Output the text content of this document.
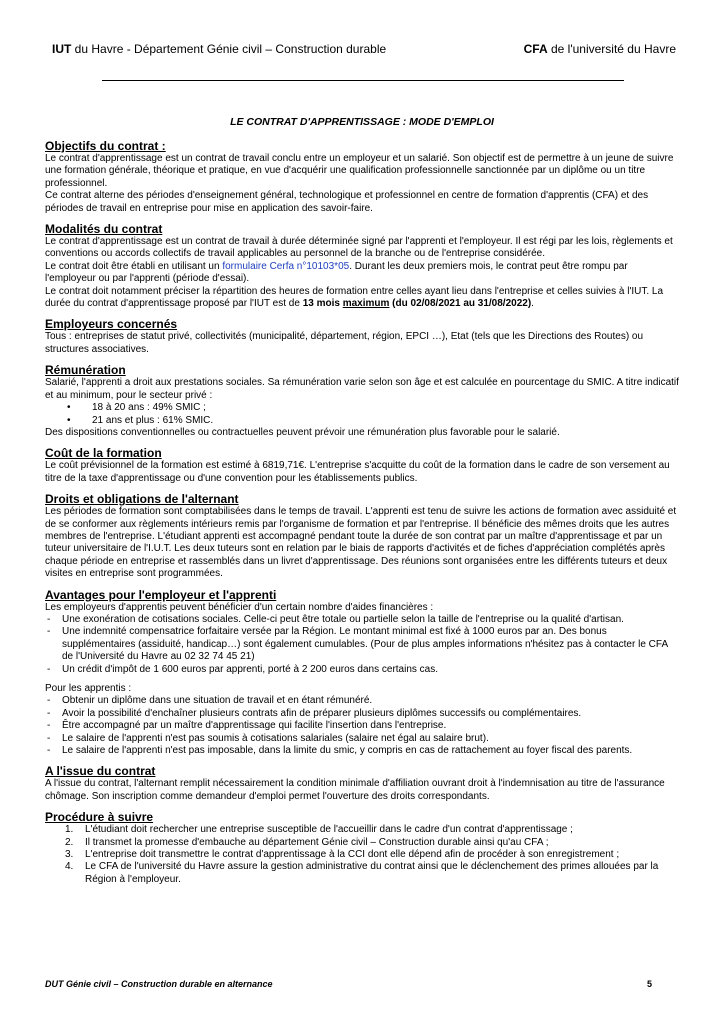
IUT du Havre - Département Génie civil – Construction durable	CFA de l'université du Havre
LE CONTRAT D'APPRENTISSAGE : MODE D'EMPLOI
Objectifs du contrat :

Le contrat d'apprentissage est un contrat de travail conclu entre un employeur et un salarié. Son objectif est de permettre à un jeune de suivre une formation générale, théorique et pratique, en vue d'acquérir une qualification professionnelle sanctionnée par un diplôme ou un titre professionnel.

Ce contrat alterne des périodes d'enseignement général, technologique et professionnel en centre de formation d'apprentis (CFA) et des périodes de travail en entreprise pour mise en application des savoir-faire.

Modalités du contrat

Le contrat d'apprentissage est un contrat de travail à durée déterminée signé par l'apprenti et l'employeur. Il est régi par les lois, règlements et conventions ou accords collectifs de travail applicables au personnel de la branche ou de l'entreprise considérée.

Le contrat doit être établi en utilisant un formulaire Cerfa n°10103*05. Durant les deux premiers mois, le contrat peut être rompu par l'employeur ou par l'apprenti (période d'essai).

Le contrat doit notamment préciser la répartition des heures de formation entre celles ayant lieu dans l'entreprise et celles suivies à l'IUT. La durée du contrat d'apprentissage proposé par l'IUT est de 13 mois maximum (du 02/08/2021 au 31/08/2022).

Employeurs concernés

Tous : entreprises de statut privé, collectivités (municipalité, département, région, EPCI …), Etat (tels que les Directions des Routes) ou structures associatives.

Rémunération

Salarié, l'apprenti a droit aux prestations sociales. Sa rémunération varie selon son âge et est calculée en pourcentage du SMIC. A titre indicatif et au minimum, pour le secteur privé :

• 18 à 20 ans : 49% SMIC ;
• 21 ans et plus : 61% SMIC.

Des dispositions conventionnelles ou contractuelles peuvent prévoir une rémunération plus favorable pour le salarié.

Coût de la formation

Le coût prévisionnel de la formation est estimé à 6819,71€. L'entreprise s'acquitte du coût de la formation dans le cadre de son versement au titre de la taxe d'apprentissage ou d'une convention pour les établissements publics.

Droits et obligations de l'alternant

Les périodes de formation sont comptabilisées dans le temps de travail. L'apprenti est tenu de suivre les actions de formation avec assiduité et de se conformer aux règlements intérieurs remis par l'organisme de formation et par l'entreprise. Il bénéficie des mêmes droits que les autres membres de l'entreprise. L'étudiant apprenti est accompagné pendant toute la durée de son contrat par un maître d'apprentissage et par un tuteur universitaire de l'I.U.T. Les deux tuteurs sont en relation par le biais de rapports d'activités et de fiches d'appréciation complétés après chaque période en entreprise et rassemblés dans un livret d'apprentissage. Des réunions sont organisées entre les différents tuteurs et deux visites en entreprise sont programmées.

Avantages pour l'employeur et l'apprenti

Les employeurs d'apprentis peuvent bénéficier d'un certain nombre d'aides financières :

- Une exonération de cotisations sociales. Celle-ci peut être totale ou partielle selon la taille de l'entreprise ou la qualité d'artisan.
- Une indemnité compensatrice forfaitaire versée par la Région. Le montant minimal est fixé à 1000 euros par an. Des bonus supplémentaires (assiduité, handicap…) sont également cumulables. (Pour de plus amples informations n'hésitez pas à contacter le CFA de l'Université du Havre au 02 32 74 45 21)
- Un crédit d'impôt de 1 600 euros par apprenti, porté à 2 200 euros dans certains cas.

Pour les apprentis :

- Obtenir un diplôme dans une situation de travail et en étant rémunéré.
- Avoir la possibilité d'enchaîner plusieurs contrats afin de préparer plusieurs diplômes successifs ou complémentaires.
- Être accompagné par un maître d'apprentissage qui facilite l'insertion dans l'entreprise.
- Le salaire de l'apprenti n'est pas soumis à cotisations salariales (salaire net égal au salaire brut).
- Le salaire de l'apprenti n'est pas imposable, dans la limite du smic, y compris en cas de rattachement au foyer fiscal des parents.
A l'issue du contrat

A l'issue du contrat, l'alternant remplit nécessairement la condition minimale d'affiliation ouvrant droit à l'indemnisation au titre de l'assurance chômage. Son inscription comme demandeur d'emploi permet l'ouverture des droits correspondants.

Procédure à suivre
1. L'étudiant doit rechercher une entreprise susceptible de l'accueillir dans le cadre d'un contrat d'apprentissage ;
2. Il transmet la promesse d'embauche au département Génie civil – Construction durable ainsi qu'au CFA ;
3. L'entreprise doit transmettre le contrat d'apprentissage à la CCI dont elle dépend afin de procéder à son enregistrement ;
4. Le CFA de l'université du Havre assure la gestion administrative du contrat ainsi que le déclenchement des primes allouées par la Région à l'employeur.
DUT Génie civil – Construction durable en alternance	5
